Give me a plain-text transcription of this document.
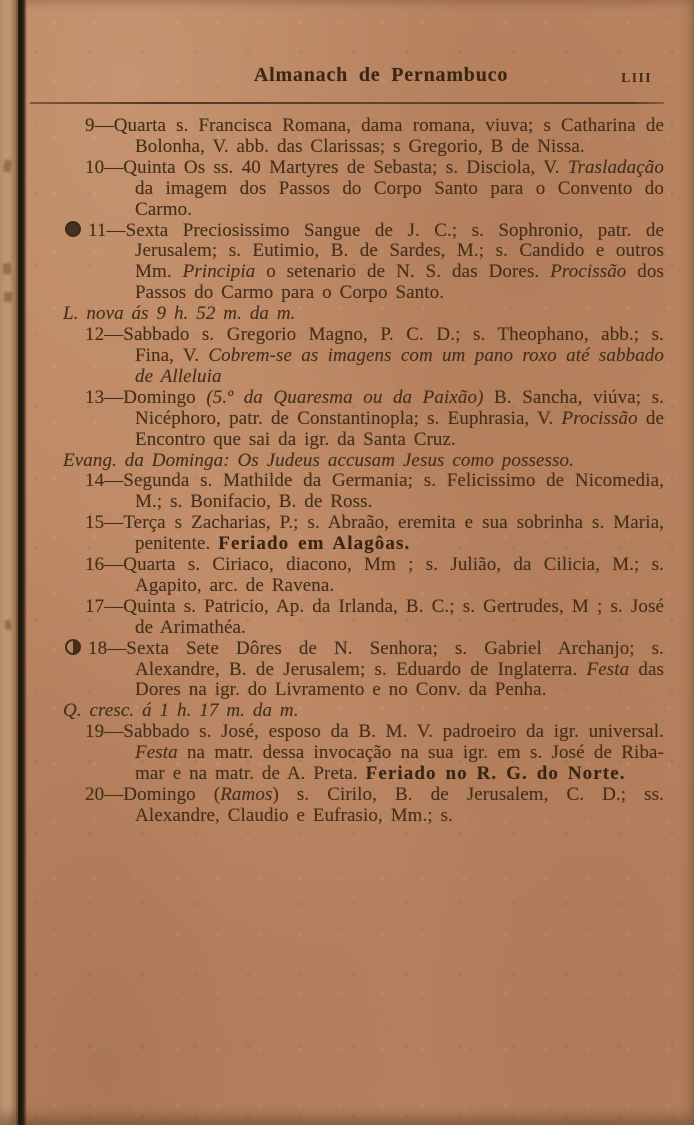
Almanach de Pernambuco	LIII

9—Quarta s. Francisca Romana, dama romana, viuva; s Catharina de Bolonha, V. abb. das Clarissas; s Gregorio, B de Nissa.

10—Quinta Os ss. 40 Martyres de Sebasta; s. Disciola, V. Trasladação da imagem dos Passos do Corpo Santo para o Convento do Carmo.

11—Sexta Preciosissimo Sangue de J. C.; s. Sophronio, patr. de Jerusalem; s. Eutimio, B. de Sardes, M.; s. Candido e outros Mm. Principia o setenario de N. S. das Dores. Procissão dos Passos do Carmo para o Corpo Santo.

L. nova ás 9 h. 52 m. da m.

12—Sabbado s. Gregorio Magno, P. C. D.; s. Theophano, abb.; s. Fina, V. Cobrem-se as imagens com um pano roxo até sabbado de Alleluia

13—Domingo (5.º da Quaresma ou da Paixão) B. Sancha, viúva; s. Nicéphoro, patr. de Constantinopla; s. Euphrasia, V. Procissão de Encontro que sai da igr. da Santa Cruz.

Evang. da Dominga: Os Judeus accusam Jesus como possesso.

14—Segunda s. Mathilde da Germania; s. Felicissimo de Nicomedia, M.; s. Bonifacio, B. de Ross.

15—Terça s Zacharias, P.; s. Abraão, eremita e sua sobrinha s. Maria, penitente. Feriado em Alagôas.

16—Quarta s. Ciriaco, diacono, Mm ; s. Julião, da Cilicia, M.; s. Agapito, arc. de Ravena.

17—Quinta s. Patricio, Ap. da Irlanda, B. C.; s. Gertrudes, M ; s. José de Arimathéa.

18—Sexta Sete Dôres de N. Senhora; s. Gabriel Archanjo; s. Alexandre, B. de Jerusalem; s. Eduardo de Inglaterra. Festa das Dores na igr. do Livramento e no Conv. da Penha.

Q. cresc. á 1 h. 17 m. da m.

19—Sabbado s. José, esposo da B. M. V. padroeiro da igr. universal. Festa na matr. dessa invocação na sua igr. em s. José de Riba-mar e na matr. de A. Preta. Feriado no R. G. do Norte.

20—Domingo (Ramos) s. Cirilo, B. de Jerusalem, C. D.; ss. Alexandre, Claudio e Eufrasio, Mm.; s.
